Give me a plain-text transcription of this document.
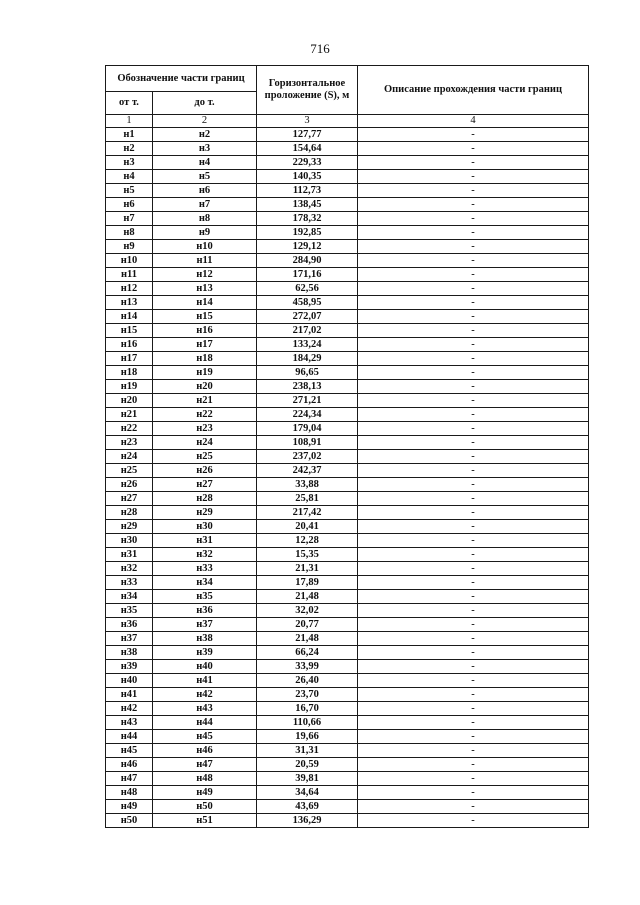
716
Обозначение части границ		Горизонтальное проложение (S), м	Описание прохождения части границ
от т.	до т.		
1	2	3	4
н1	н2	127,77	-
н2	н3	154,64	-
н3	н4	229,33	-
н4	н5	140,35	-
н5	н6	112,73	-
н6	н7	138,45	-
н7	н8	178,32	-
н8	н9	192,85	-
н9	н10	129,12	-
н10	н11	284,90	-
н11	н12	171,16	-
н12	н13	62,56	-
н13	н14	458,95	-
н14	н15	272,07	-
н15	н16	217,02	-
н16	н17	133,24	-
н17	н18	184,29	-
н18	н19	96,65	-
н19	н20	238,13	-
н20	н21	271,21	-
н21	н22	224,34	-
н22	н23	179,04	-
н23	н24	108,91	-
н24	н25	237,02	-
н25	н26	242,37	-
н26	н27	33,88	-
н27	н28	25,81	-
н28	н29	217,42	-
н29	н30	20,41	-
н30	н31	12,28	-
н31	н32	15,35	-
н32	н33	21,31	-
н33	н34	17,89	-
н34	н35	21,48	-
н35	н36	32,02	-
н36	н37	20,77	-
н37	н38	21,48	-
н38	н39	66,24	-
н39	н40	33,99	-
н40	н41	26,40	-
н41	н42	23,70	-
н42	н43	16,70	-
н43	н44	110,66	-
н44	н45	19,66	-
н45	н46	31,31	-
н46	н47	20,59	-
н47	н48	39,81	-
н48	н49	34,64	-
н49	н50	43,69	-
н50	н51	136,29	-
